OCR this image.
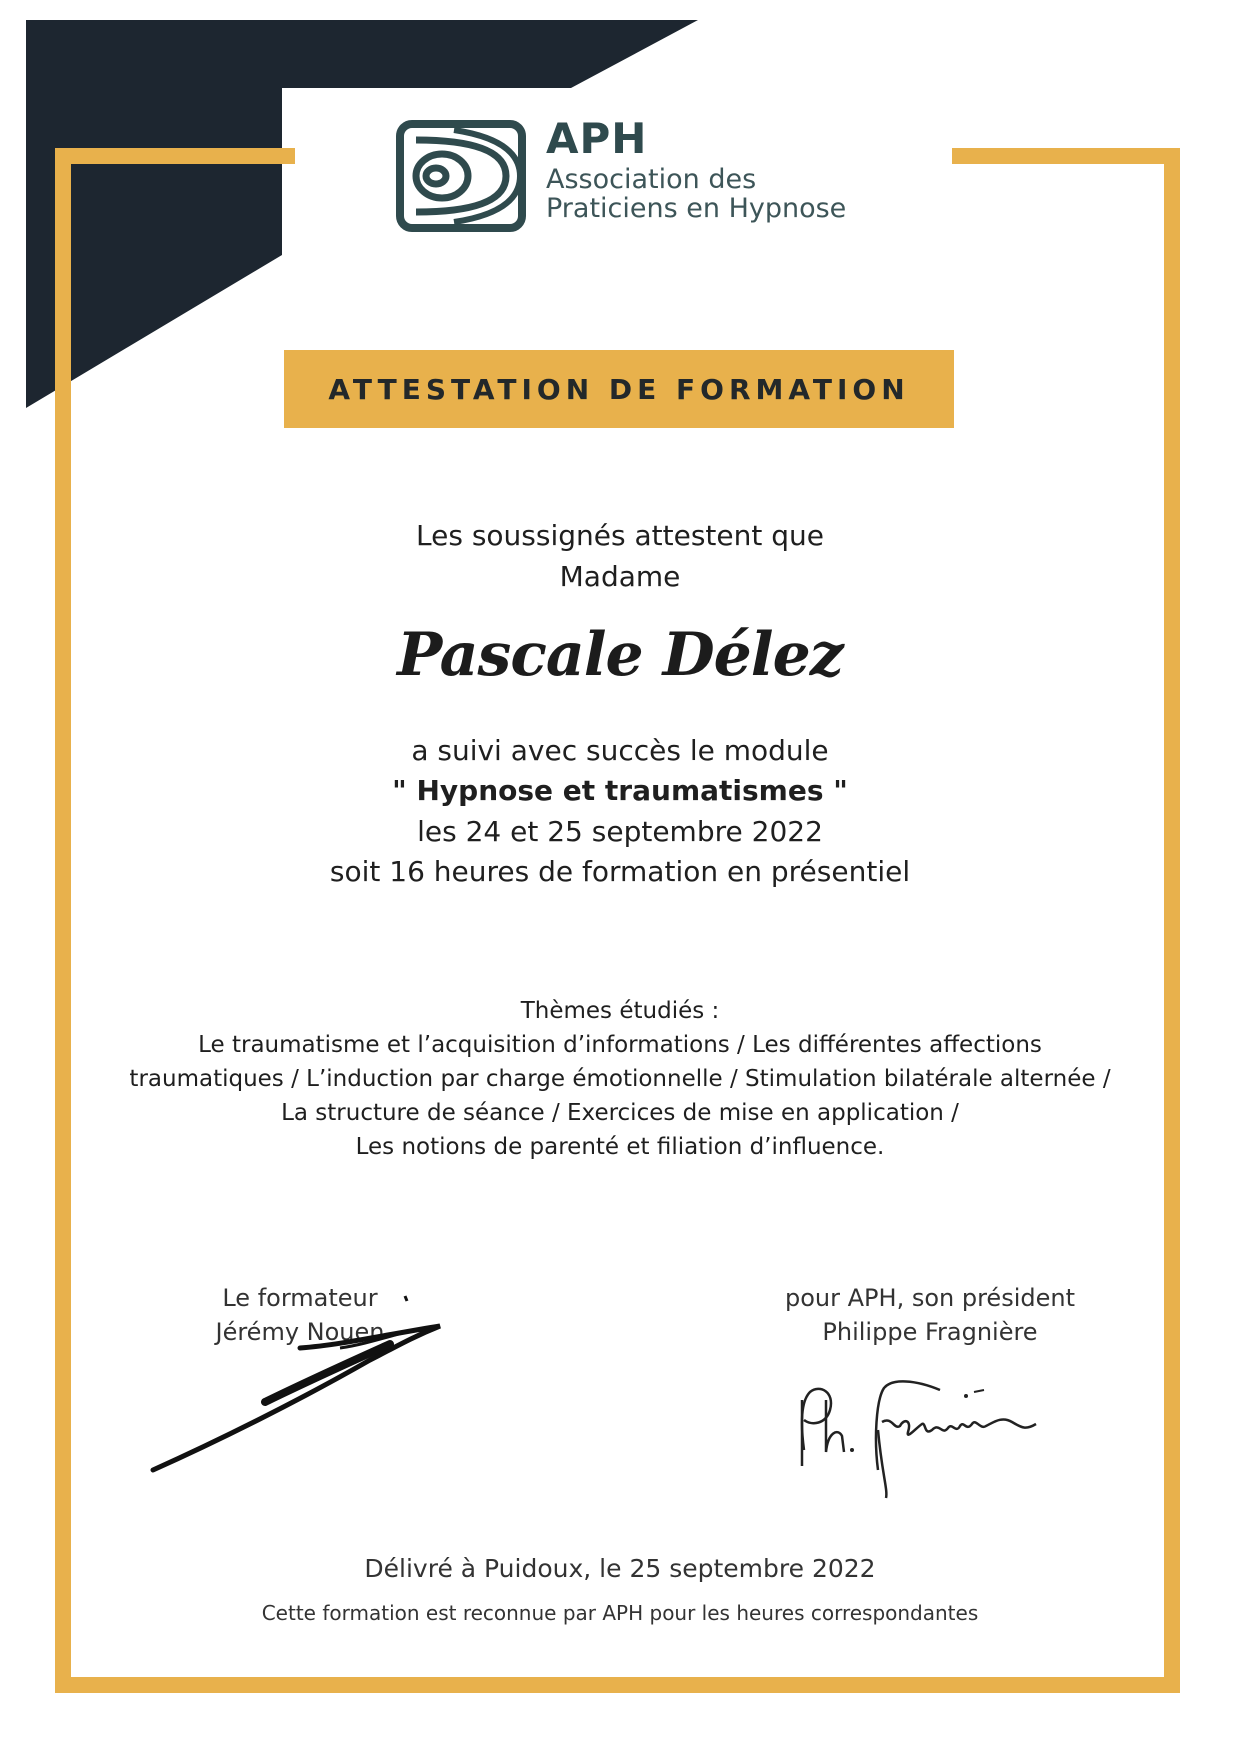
APH
Association des
Praticiens en Hypnose
ATTESTATION DE FORMATION
Les soussignés attestent que
Madame
Pascale Délez
a suivi avec succès le module
" Hypnose et traumatismes "
les 24 et 25 septembre 2022
soit 16 heures de formation en présentiel
Thèmes étudiés :
Le traumatisme et l’acquisition d’informations / Les différentes affections
traumatiques / L’induction par charge émotionnelle / Stimulation bilatérale alternée /
La structure de séance / Exercices de mise en application /
Les notions de parenté et filiation d’influence.
Le formateur
Jérémy Nouen
pour APH, son président
Philippe Fragnière
Délivré à Puidoux, le 25 septembre 2022
Cette formation est reconnue par APH pour les heures correspondantes
